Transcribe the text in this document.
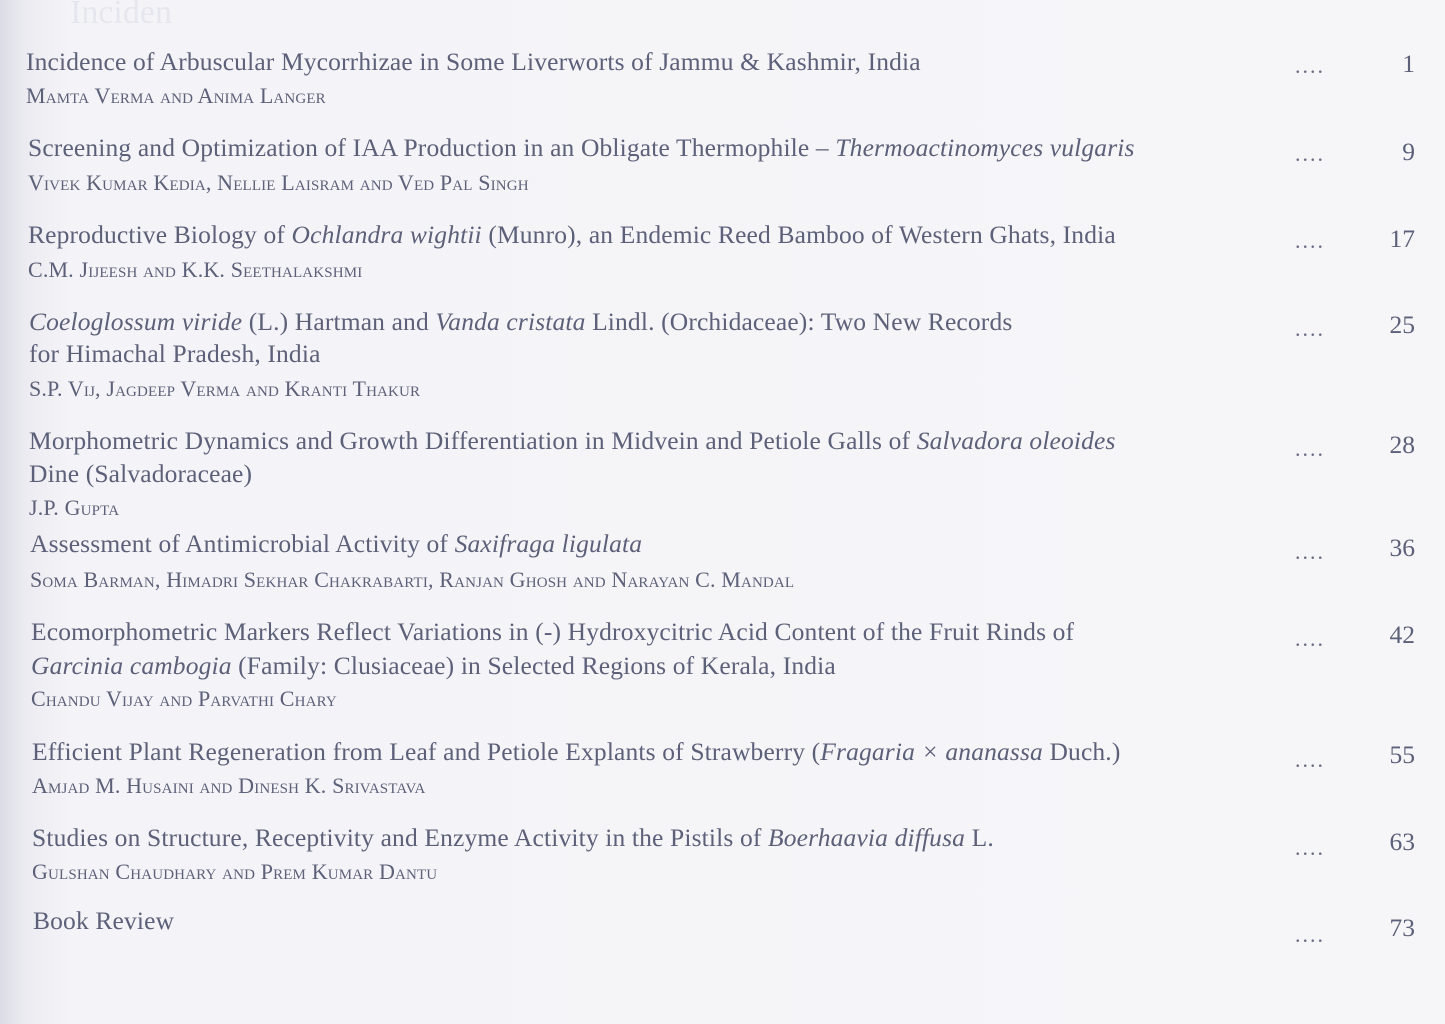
Inciden
Incidence of Arbuscular Mycorrhizae in Some Liverworts of Jammu & Kashmir, India
Mamta Verma and Anima Langer
....	1
Screening and Optimization of IAA Production in an Obligate Thermophile – Thermoactinomyces vulgaris
Vivek Kumar Kedia, Nellie Laisram and Ved Pal Singh
....	9
Reproductive Biology of Ochlandra wightii (Munro), an Endemic Reed Bamboo of Western Ghats, India
C.M. Jijeesh and K.K. Seethalakshmi
....	17
Coeloglossum viride (L.) Hartman and Vanda cristata Lindl. (Orchidaceae): Two New Records
for Himachal Pradesh, India
S.P. Vij, Jagdeep Verma and Kranti Thakur
....	25
Morphometric Dynamics and Growth Differentiation in Midvein and Petiole Galls of Salvadora oleoides
Dine (Salvadoraceae)
J.P. Gupta
....	28
Assessment of Antimicrobial Activity of Saxifraga ligulata
Soma Barman, Himadri Sekhar Chakrabarti, Ranjan Ghosh and Narayan C. Mandal
....	36
Ecomorphometric Markers Reflect Variations in (-) Hydroxycitric Acid Content of the Fruit Rinds of
Garcinia cambogia (Family: Clusiaceae) in Selected Regions of Kerala, India
Chandu Vijay and Parvathi Chary
....	42
Efficient Plant Regeneration from Leaf and Petiole Explants of Strawberry (Fragaria × ananassa Duch.)
Amjad M. Husaini and Dinesh K. Srivastava
....	55
Studies on Structure, Receptivity and Enzyme Activity in the Pistils of Boerhaavia diffusa L.
Gulshan Chaudhary and Prem Kumar Dantu
....	63
Book Review	....	73
